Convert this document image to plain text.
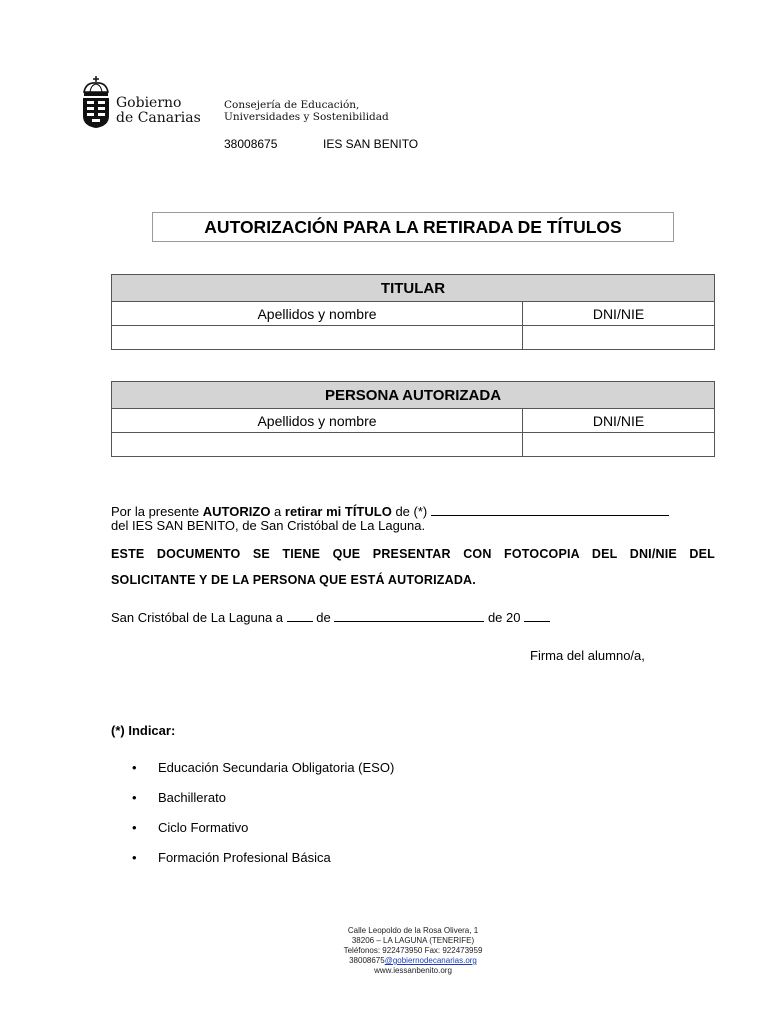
Gobierno
de Canarias
Consejería de Educación,
Universidades y Sostenibilidad
38008675	IES SAN BENITO
AUTORIZACIÓN PARA LA RETIRADA DE TÍTULOS
TITULAR
Apellidos y nombre	DNI/NIE
PERSONA AUTORIZADA
Apellidos y nombre	DNI/NIE
Por la presente AUTORIZO a retirar mi TÍTULO de (*)
del IES SAN BENITO, de San Cristóbal de La Laguna.
ESTE DOCUMENTO SE TIENE QUE PRESENTAR CON FOTOCOPIA DEL DNI/NIE DEL SOLICITANTE Y DE LA PERSONA QUE ESTÁ AUTORIZADA.
San Cristóbal de La Laguna a  de	de 20
Firma del alumno/a,
(*) Indicar:
• Educación Secundaria Obligatoria (ESO)
• Bachillerato
• Ciclo Formativo
• Formación Profesional Básica
Calle Leopoldo de la Rosa Olivera, 1
38206 – LA LAGUNA (TENERIFE)
Teléfonos: 922473950 Fax: 922473959
38008675@gobiernodecanarias.org
www.iessanbenito.org
